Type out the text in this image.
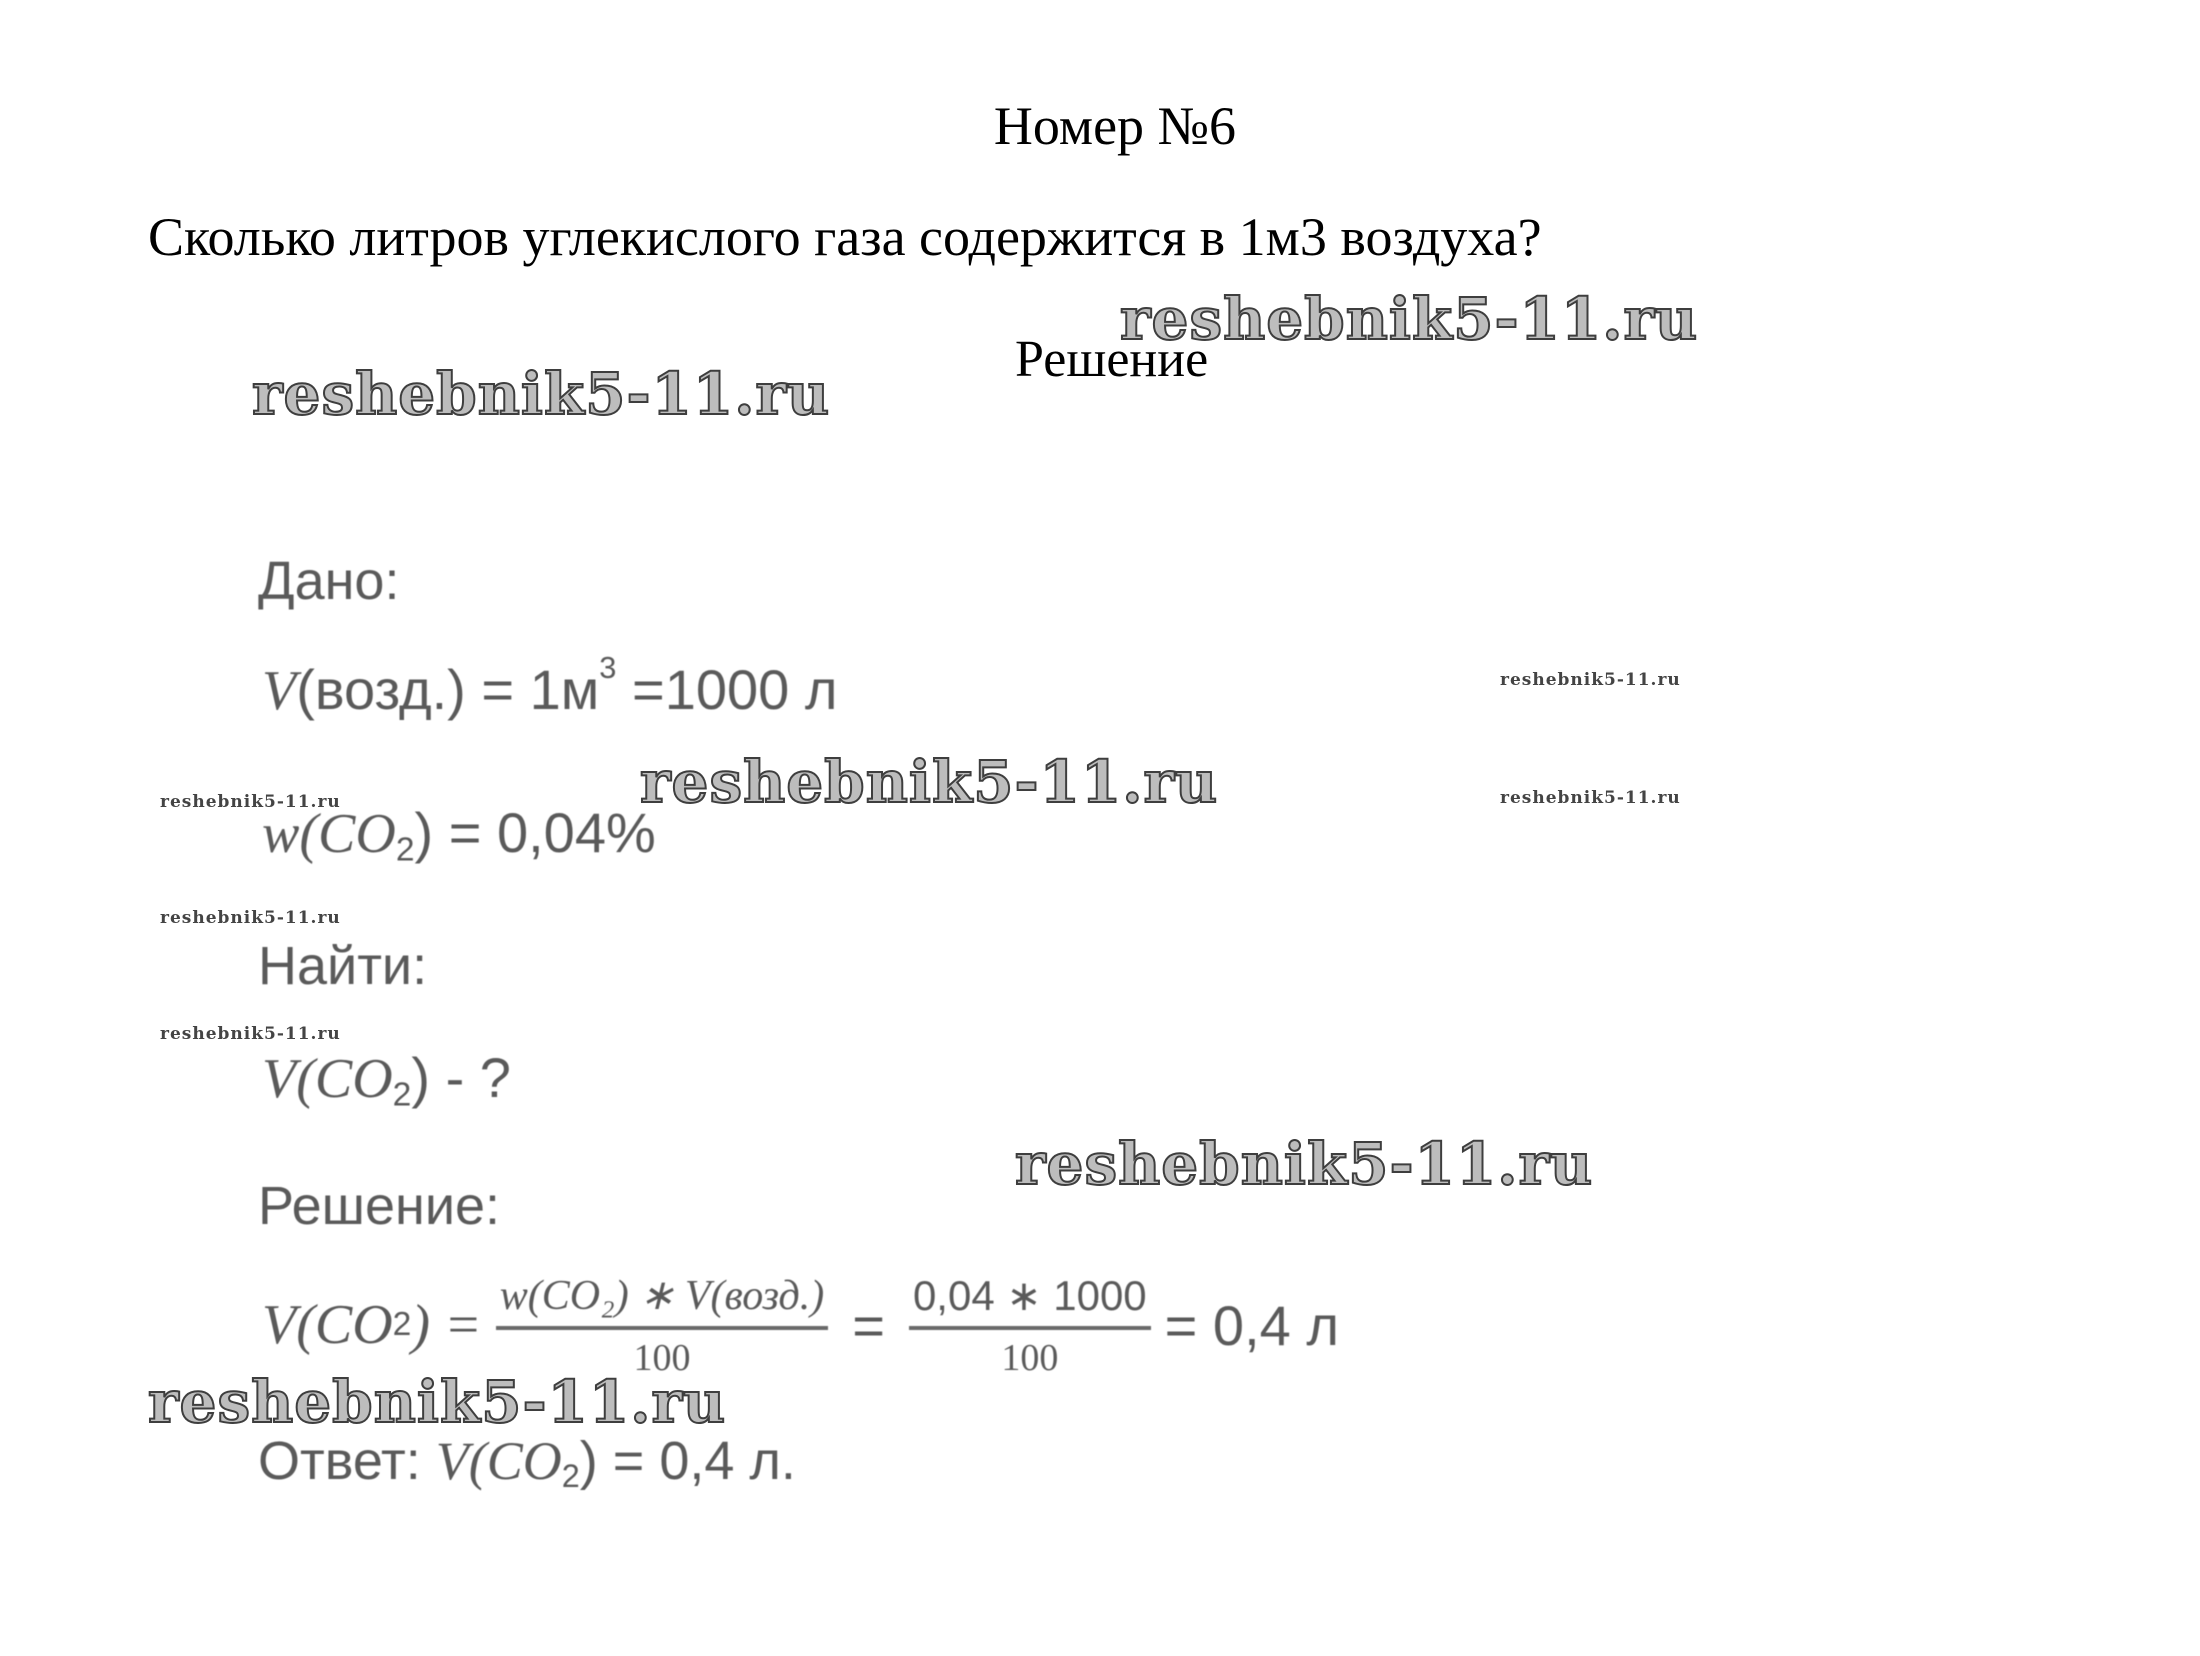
Номер №6
Сколько литров углекислого газа содержится в 1м3 воздуха?
Решение
Дано:
V(возд.) = $1м^3 =1000$ л
$w(CO_2) = 0,04\%$
Найти:
$V(CO_2)$ - ?
Решение:
V(CO 2 ) = $\frac{\text{w(CO₂) ∗ V(возд.)}}{100} = \frac{0,04 ∗ 1000}{100} = 0,4$ л
Ответ: $V(CO_2) = 0,4$ л.
reshebnik5-11.ru
reshebnik5-11.ru
reshebnik5-11.ru
reshebnik5-11.ru
reshebnik5-11.ru
reshebnik5-11.ru
reshebnik5-11.ru
reshebnik5-11.ru
reshebnik5-11.ru
reshebnik5-11.ru
